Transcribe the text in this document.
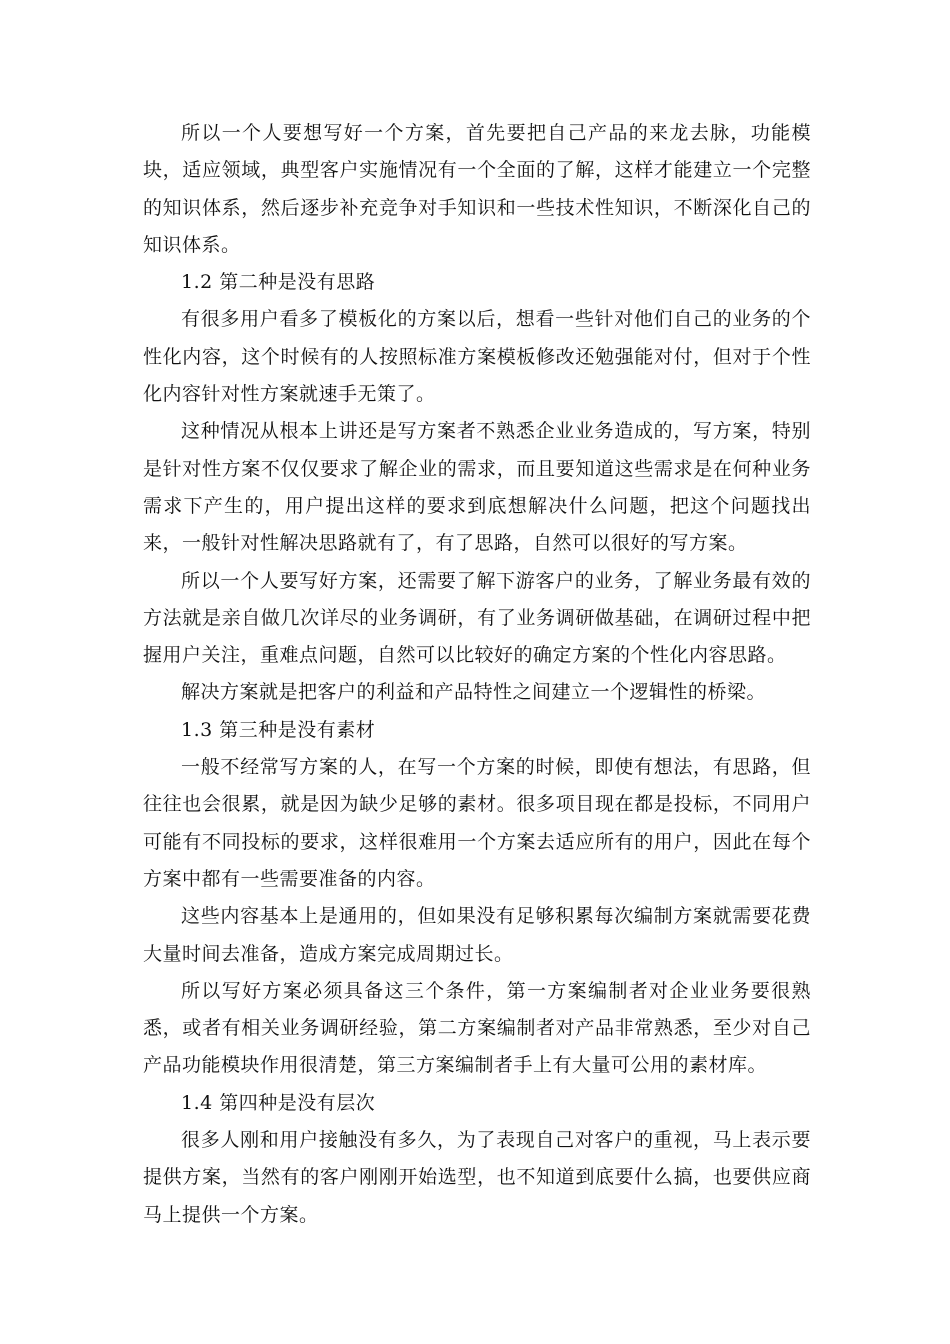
所以一个人要想写好一个方案，首先要把自己产品的来龙去脉，功能模块，适应领域，典型客户实施情况有一个全面的了解，这样才能建立一个完整的知识体系，然后逐步补充竞争对手知识和一些技术性知识，不断深化自己的知识体系。

1.2 第二种是没有思路

有很多用户看多了模板化的方案以后，想看一些针对他们自己的业务的个性化内容，这个时候有的人按照标准方案模板修改还勉强能对付，但对于个性化内容针对性方案就速手无策了。

这种情况从根本上讲还是写方案者不熟悉企业业务造成的，写方案，特别是针对性方案不仅仅要求了解企业的需求，而且要知道这些需求是在何种业务需求下产生的，用户提出这样的要求到底想解决什么问题，把这个问题找出来，一般针对性解决思路就有了，有了思路，自然可以很好的写方案。

所以一个人要写好方案，还需要了解下游客户的业务，了解业务最有效的方法就是亲自做几次详尽的业务调研，有了业务调研做基础，在调研过程中把握用户关注，重难点问题，自然可以比较好的确定方案的个性化内容思路。

解决方案就是把客户的利益和产品特性之间建立一个逻辑性的桥梁。

1.3 第三种是没有素材

一般不经常写方案的人，在写一个方案的时候，即使有想法，有思路，但往往也会很累，就是因为缺少足够的素材。很多项目现在都是投标，不同用户可能有不同投标的要求，这样很难用一个方案去适应所有的用户，因此在每个方案中都有一些需要准备的内容。

这些内容基本上是通用的，但如果没有足够积累每次编制方案就需要花费大量时间去准备，造成方案完成周期过长。

所以写好方案必须具备这三个条件，第一方案编制者对企业业务要很熟悉，或者有相关业务调研经验，第二方案编制者对产品非常熟悉，至少对自己产品功能模块作用很清楚，第三方案编制者手上有大量可公用的素材库。

1.4 第四种是没有层次

很多人刚和用户接触没有多久，为了表现自己对客户的重视，马上表示要提供方案，当然有的客户刚刚开始选型，也不知道到底要什么搞，也要供应商马上提供一个方案。
